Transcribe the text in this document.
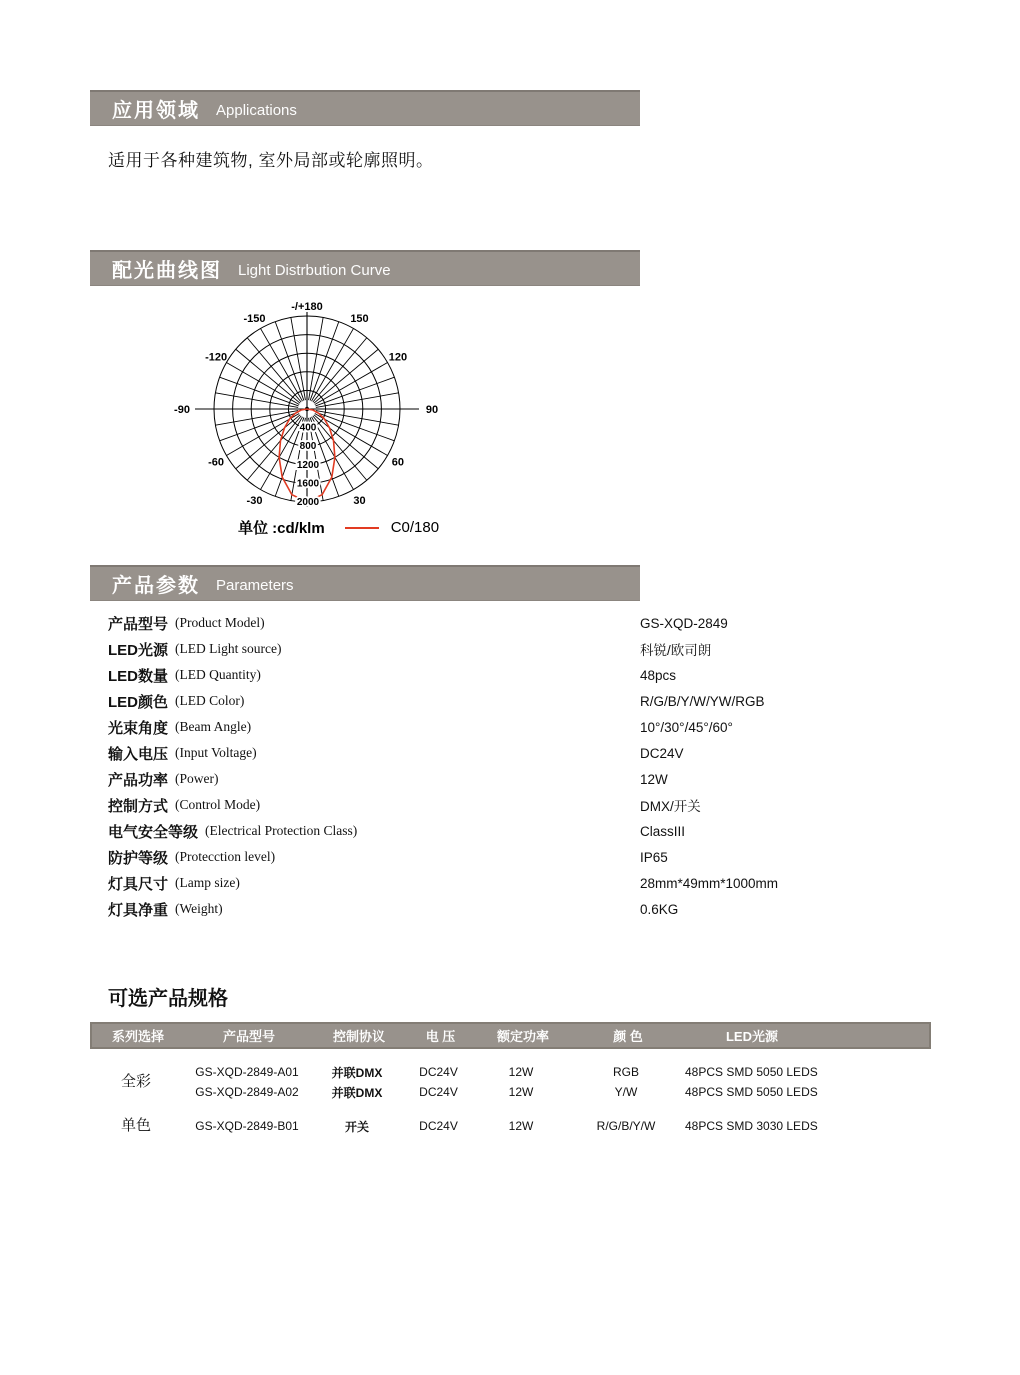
应用领域 Applications
适用于各种建筑物, 室外局部或轮廓照明。
配光曲线图 Light Distrbution Curve
400
800
1200
1600
2000
-/+180
150
120
90
60
30
-30
-60
-90
-120
-150
单位 :cd/klm	C0/180
产品参数 Parameters
产品型号 (Product Model)	GS-XQD-2849
LED光源 (LED Light source)	科锐/欧司朗
LED数量 (LED Quantity)	48pcs
LED颜色 (LED Color)	R/G/B/Y/W/YW/RGB
光束角度 (Beam Angle)	10°/30°/45°/60°
输入电压 (Input Voltage)	DC24V
产品功率 (Power)	12W
控制方式 (Control Mode)	DMX/开关
电气安全等级 (Electrical Protection Class)	ClassIII
防护等级 (Protecction level)	IP65
灯具尺寸 (Lamp size)	28mm*49mm*1000mm
灯具净重 (Weight)	0.6KG
可选产品规格
系列选择	产品型号	控制协议	电 压	额定功率	颜 色	LED光源
全彩
GS-XQD-2849-A01	并联DMX	DC24V	12W	RGB	48PCS SMD 5050 LEDS
GS-XQD-2849-A02	并联DMX	DC24V	12W	Y/W	48PCS SMD 5050 LEDS
单色	GS-XQD-2849-B01	开关	DC24V	12W	R/G/B/Y/W	48PCS SMD 3030 LEDS
